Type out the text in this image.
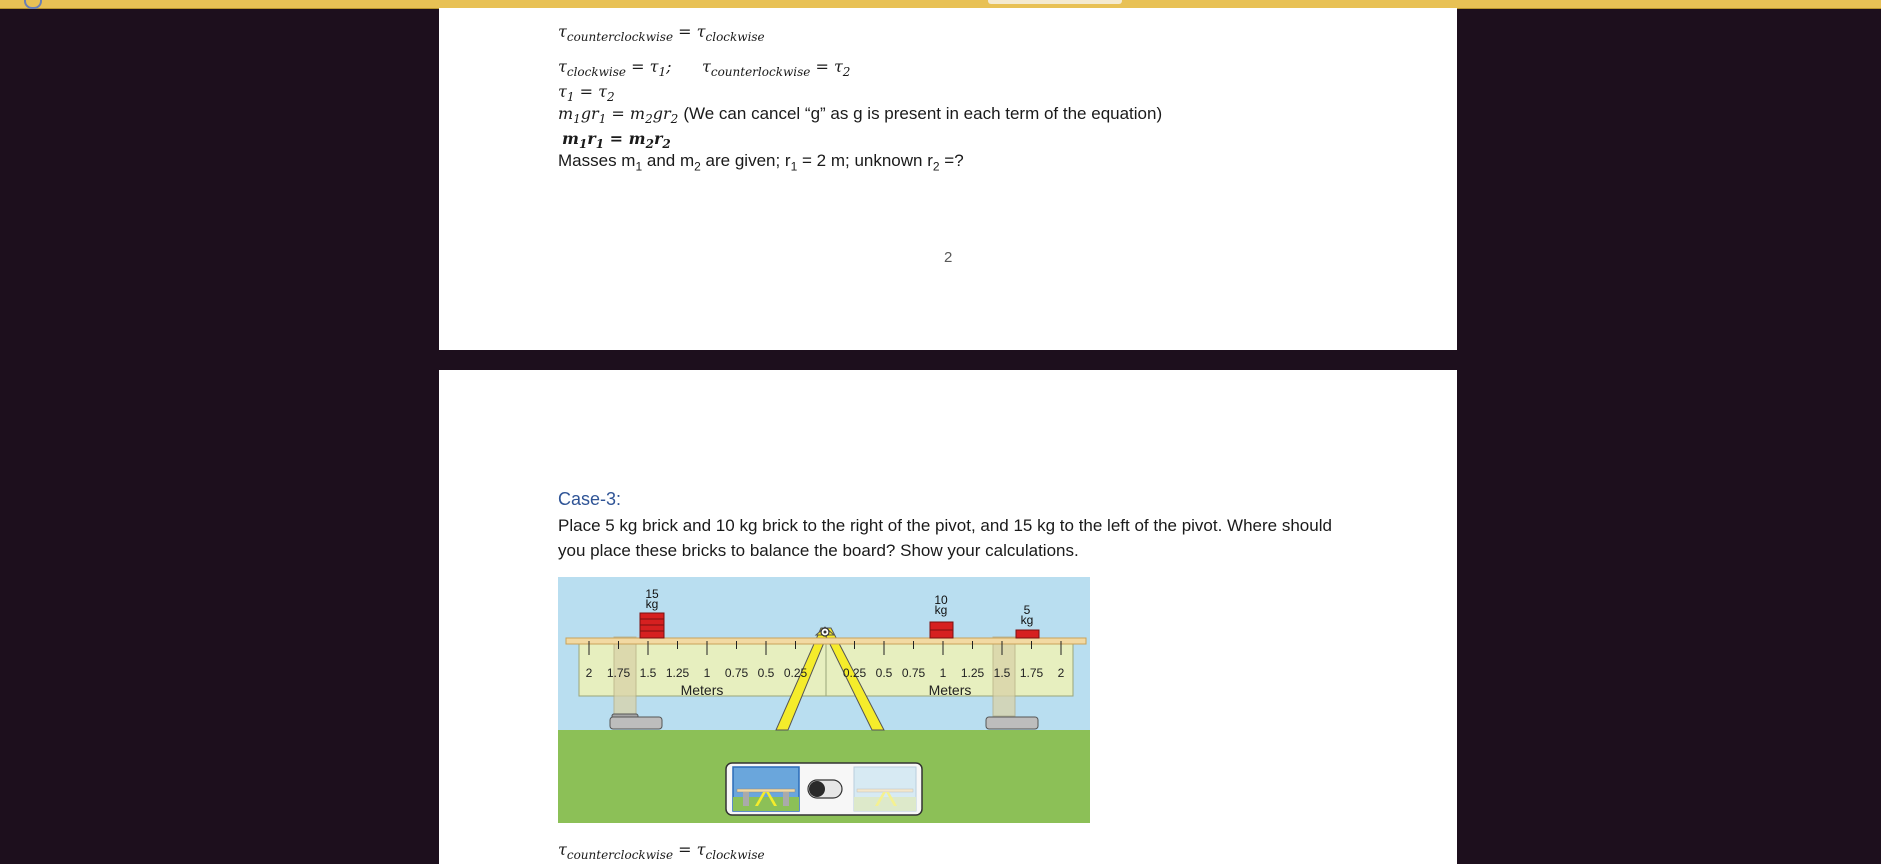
$\tau_{counterclockwise} = \tau_{clockwise}$
$\tau_{clockwise} = \tau_1$;      $\tau_{counterlockwise} = \tau_2$
$\tau_1 = \tau_2$
$m_1gr_1 = m_2gr_2$ (We can cancel “g” as g is present in each term of the equation)
$m_1r_1 = m_2r_2$
Masses $m_1$ and $m_2$ are given; $r_1 = 2$ m; unknown $r_2$ =?
2
Case-3:
Place 5 kg brick and 10 kg brick to the right of the pivot, and 15 kg to the left of the pivot. Where should
you place these bricks to balance the board? Show your calculations.
2 1.75 1.5 1.25 1 0.75 0.5 0.25	0.25 0.5 0.75 1 1.25 1.5 1.75 2
Meters	Meters
15
kg	10
kg	5
kg
$\tau_{counterclockwise} = \tau_{clockwise}$
